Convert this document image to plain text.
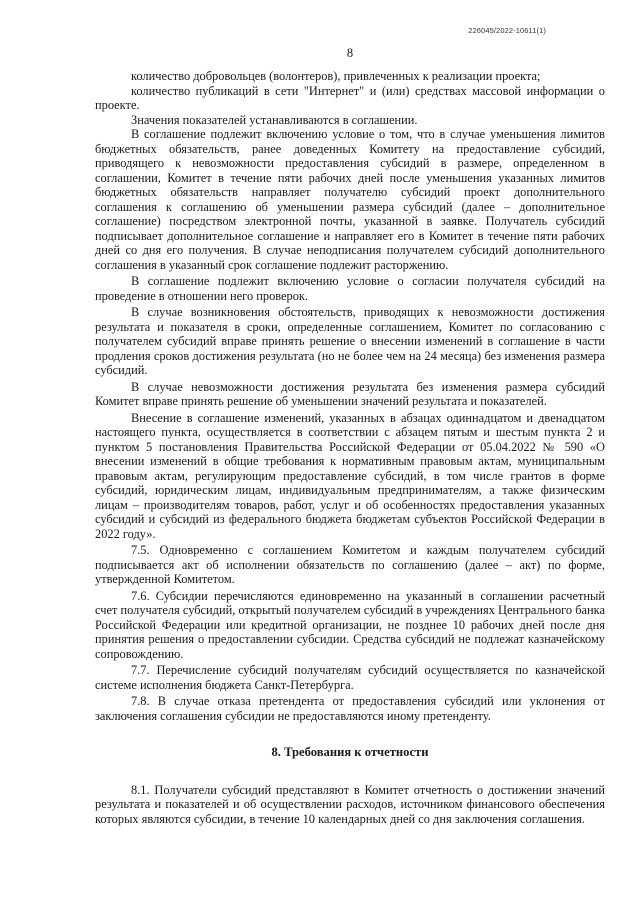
226045/2022-10611(1)
8

количество добровольцев (волонтеров), привлеченных к реализации проекта;

количество публикаций в сети "Интернет" и (или) средствах массовой информации о проекте.

Значения показателей устанавливаются в соглашении.

В соглашение подлежит включению условие о том, что в случае уменьшения лимитов бюджетных обязательств, ранее доведенных Комитету на предоставление субсидий, приводящего к невозможности предоставления субсидий в размере, определенном в соглашении, Комитет в течение пяти рабочих дней после уменьшения указанных лимитов бюджетных обязательств направляет получателю субсидий проект дополнительного соглашения к соглашению об уменьшении размера субсидий (далее – дополнительное соглашение) посредством электронной почты, указанной в заявке. Получатель субсидий подписывает дополнительное соглашение и направляет его в Комитет в течение пяти рабочих дней со дня его получения. В случае неподписания получателем субсидий дополнительного соглашения в указанный срок соглашение подлежит расторжению.

В соглашение подлежит включению условие о согласии получателя субсидий на проведение в отношении него проверок.

В случае возникновения обстоятельств, приводящих к невозможности достижения результата и показателя в сроки, определенные соглашением, Комитет по согласованию с получателем субсидий вправе принять решение о внесении изменений в соглашение в части продления сроков достижения результата (но не более чем на 24 месяца) без изменения размера субсидий.

В случае невозможности достижения результата без изменения размера субсидий Комитет вправе принять решение об уменьшении значений результата и показателей.

Внесение в соглашение изменений, указанных в абзацах одиннадцатом и двенадцатом настоящего пункта, осуществляется в соответствии с абзацем пятым и шестым пункта 2 и пунктом 5 постановления Правительства Российской Федерации от 05.04.2022 № 590 «О внесении изменений в общие требования к нормативным правовым актам, муниципальным правовым актам, регулирующим предоставление субсидий, в том числе грантов в форме субсидий, юридическим лицам, индивидуальным предпринимателям, а также физическим лицам – производителям товаров, работ, услуг и об особенностях предоставления указанных субсидий и субсидий из федерального бюджета бюджетам субъектов Российской Федерации в 2022 году».

7.5. Одновременно с соглашением Комитетом и каждым получателем субсидий подписывается акт об исполнении обязательств по соглашению (далее – акт) по форме, утвержденной Комитетом.

7.6. Субсидии перечисляются единовременно на указанный в соглашении расчетный счет получателя субсидий, открытый получателем субсидий в учреждениях Центрального банка Российской Федерации или кредитной организации, не позднее 10 рабочих дней после дня принятия решения о предоставлении субсидии. Средства субсидий не подлежат казначейскому сопровождению.

7.7. Перечисление субсидий получателям субсидий осуществляется по казначейской системе исполнения бюджета Санкт-Петербурга.

7.8. В случае отказа претендента от предоставления субсидий или уклонения от заключения соглашения субсидии не предоставляются иному претенденту.

8. Требования к отчетности

8.1. Получатели субсидий представляют в Комитет отчетность о достижении значений результата и показателей и об осуществлении расходов, источником финансового обеспечения которых являются субсидии, в течение 10 календарных дней со дня заключения соглашения.
